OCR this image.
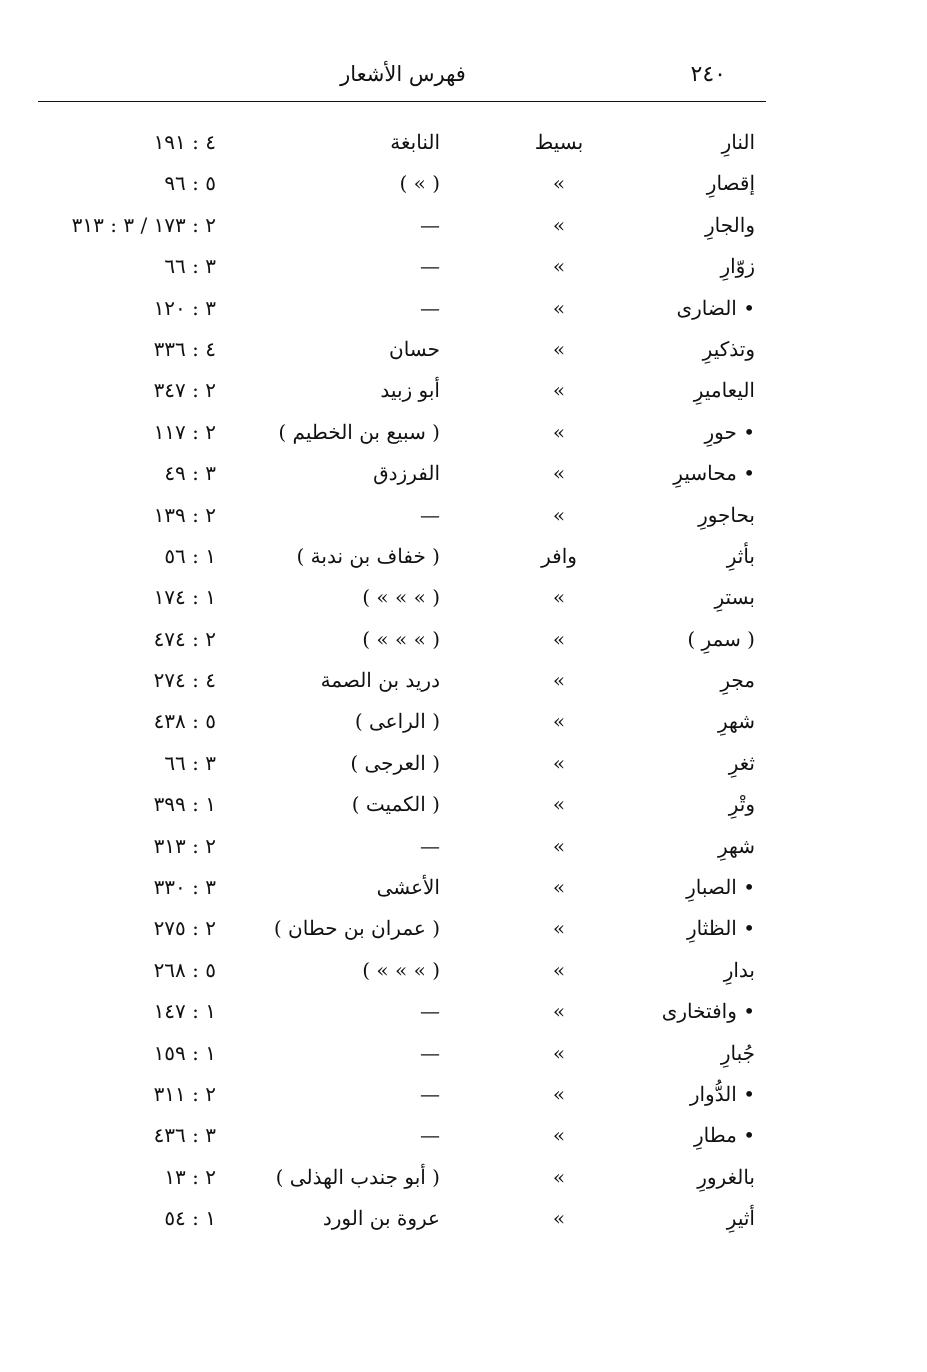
٢٤٠
فهرس الأشعار
النارِ
بسيط
النابغة
٤ : ١٩١
إقصارِ
»
( » )
٥ : ٩٦
والجارِ
»
—
٢ : ١٧٣ / ٣ : ٣١٣
زوّارِ
»
—
٣ : ٦٦
• الضارى
»
—
٣ : ١٢٠
وتذكيرِ
»
حسان
٤ : ٣٣٦
اليعاميرِ
»
أبو زبيد
٢ : ٣٤٧
• حورِ
»
( سبيع بن الخطيم )
٢ : ١١٧
• محاسيرِ
»
الفرزدق
٣ : ٤٩
بحاجورِ
»
—
٢ : ١٣٩
بأثرِ
وافر
( خفاف بن ندبة )
١ : ٥٦
بسترِ
»
( » » » )
١ : ١٧٤
( سمرِ )
»
( » » » )
٢ : ٤٧٤
مجرِ
»
دريد بن الصمة
٤ : ٢٧٤
شهرِ
»
( الراعى )
٥ : ٤٣٨
ثغرِ
»
( العرجى )
٣ : ٦٦
وتْرِ
»
( الكميت )
١ : ٣٩٩
شهرِ
»
—
٢ : ٣١٣
• الصبارِ
»
الأعشى
٣ : ٣٣٠
• الظثارِ
»
( عمران بن حطان )
٢ : ٢٧٥
بدارِ
»
( » » » )
٥ : ٢٦٨
• وافتخارى
»
—
١ : ١٤٧
جُبارِ
»
—
١ : ١٥٩
• الدُّوار
»
—
٢ : ٣١١
• مطارِ
»
—
٣ : ٤٣٦
بالغرورِ
»
( أبو جندب الهذلى )
٢ : ١٣
أثيرِ
»
عروة بن الورد
١ : ٥٤
